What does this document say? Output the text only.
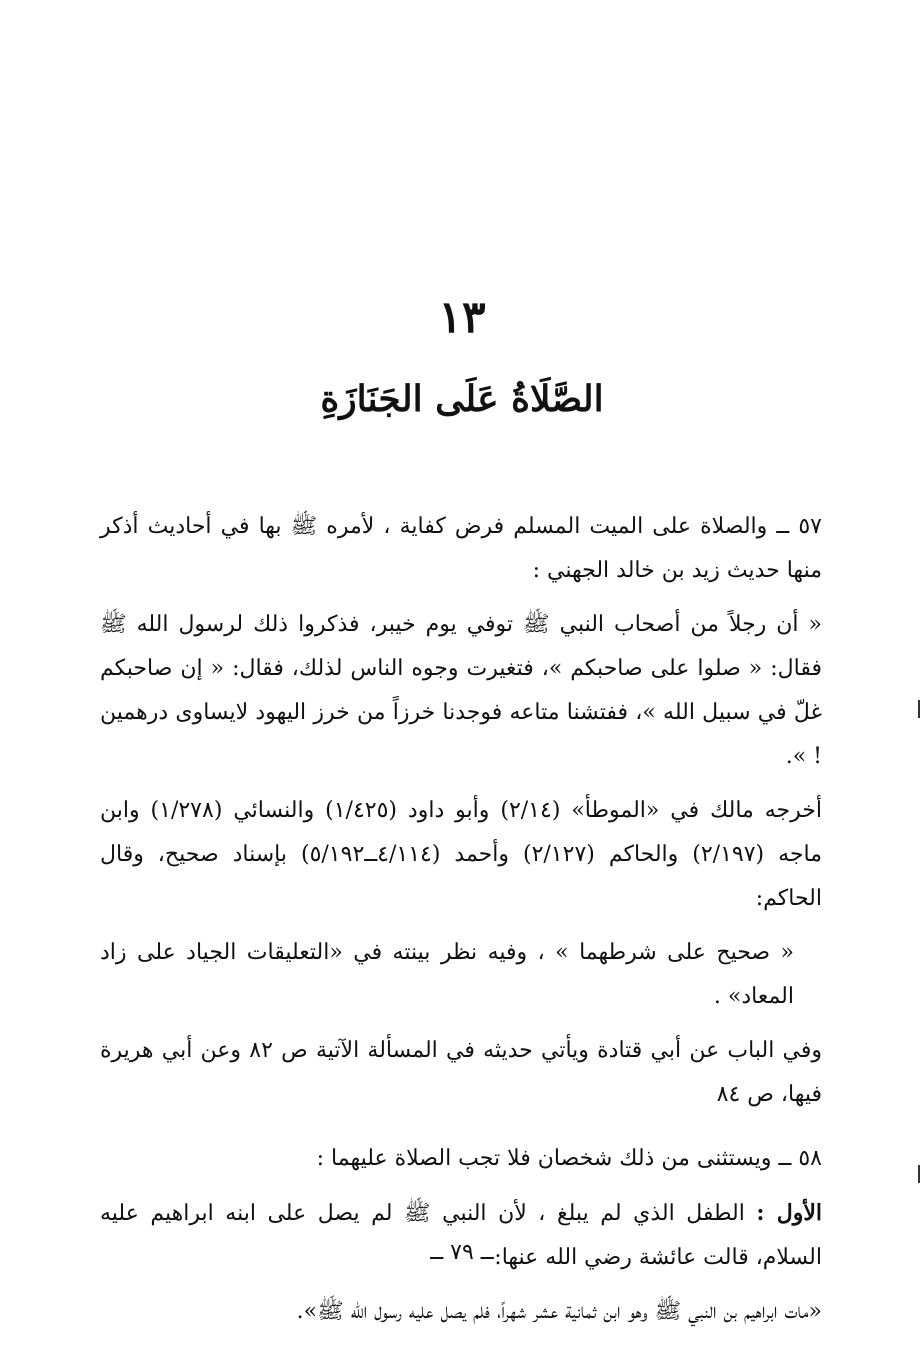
١٣
الصَّلَاةُ عَلَى الجَنَازَةِ

٥٧ ــ والصلاة على الميت المسلم فرض كفاية ، لأمره ﷺ بها في أحاديث أذكر منها حديث زيد بن خالد الجهني :

« أن رجلاً من أصحاب النبي ﷺ توفي يوم خيبر، فذكروا ذلك لرسول الله ﷺ فقال: « صلوا على صاحبكم »، فتغيرت وجوه الناس لذلك، فقال: « إن صاحبكم غلّ في سبيل الله »، ففتشنا متاعه فوجدنا خرزاً من خرز اليهود لايساوى درهمين ! ».

أخرجه مالك في «الموطأ» (٢/١٤) وأبو داود (١/٤٢٥) والنسائي (١/٢٧٨) وابن ماجه (٢/١٩٧) والحاكم (٢/١٢٧) وأحمد (٤/١١٤ــ٥/١٩٢) بإسناد صحيح، وقال الحاكم:

« صحيح على شرطهما » ، وفيه نظر بينته في «التعليقات الجياد على زاد المعاد» .

وفي الباب عن أبي قتادة ويأتي حديثه في المسألة الآتية ص ٨٢ وعن أبي هريرة فيها، ص ٨٤

٥٨ ــ ويستثنى من ذلك شخصان فلا تجب الصلاة عليهما :

الأول : الطفل الذي لم يبلغ ، لأن النبي ﷺ لم يصل على ابنه ابراهيم عليه السلام، قالت عائشة رضي الله عنها:

«مات ابراهيم بن النبي ﷺ وهو ابن ثمانية عشر شهراً، فلم يصل عليه رسول الله ﷺ».

ــ ٧٩ ــ
